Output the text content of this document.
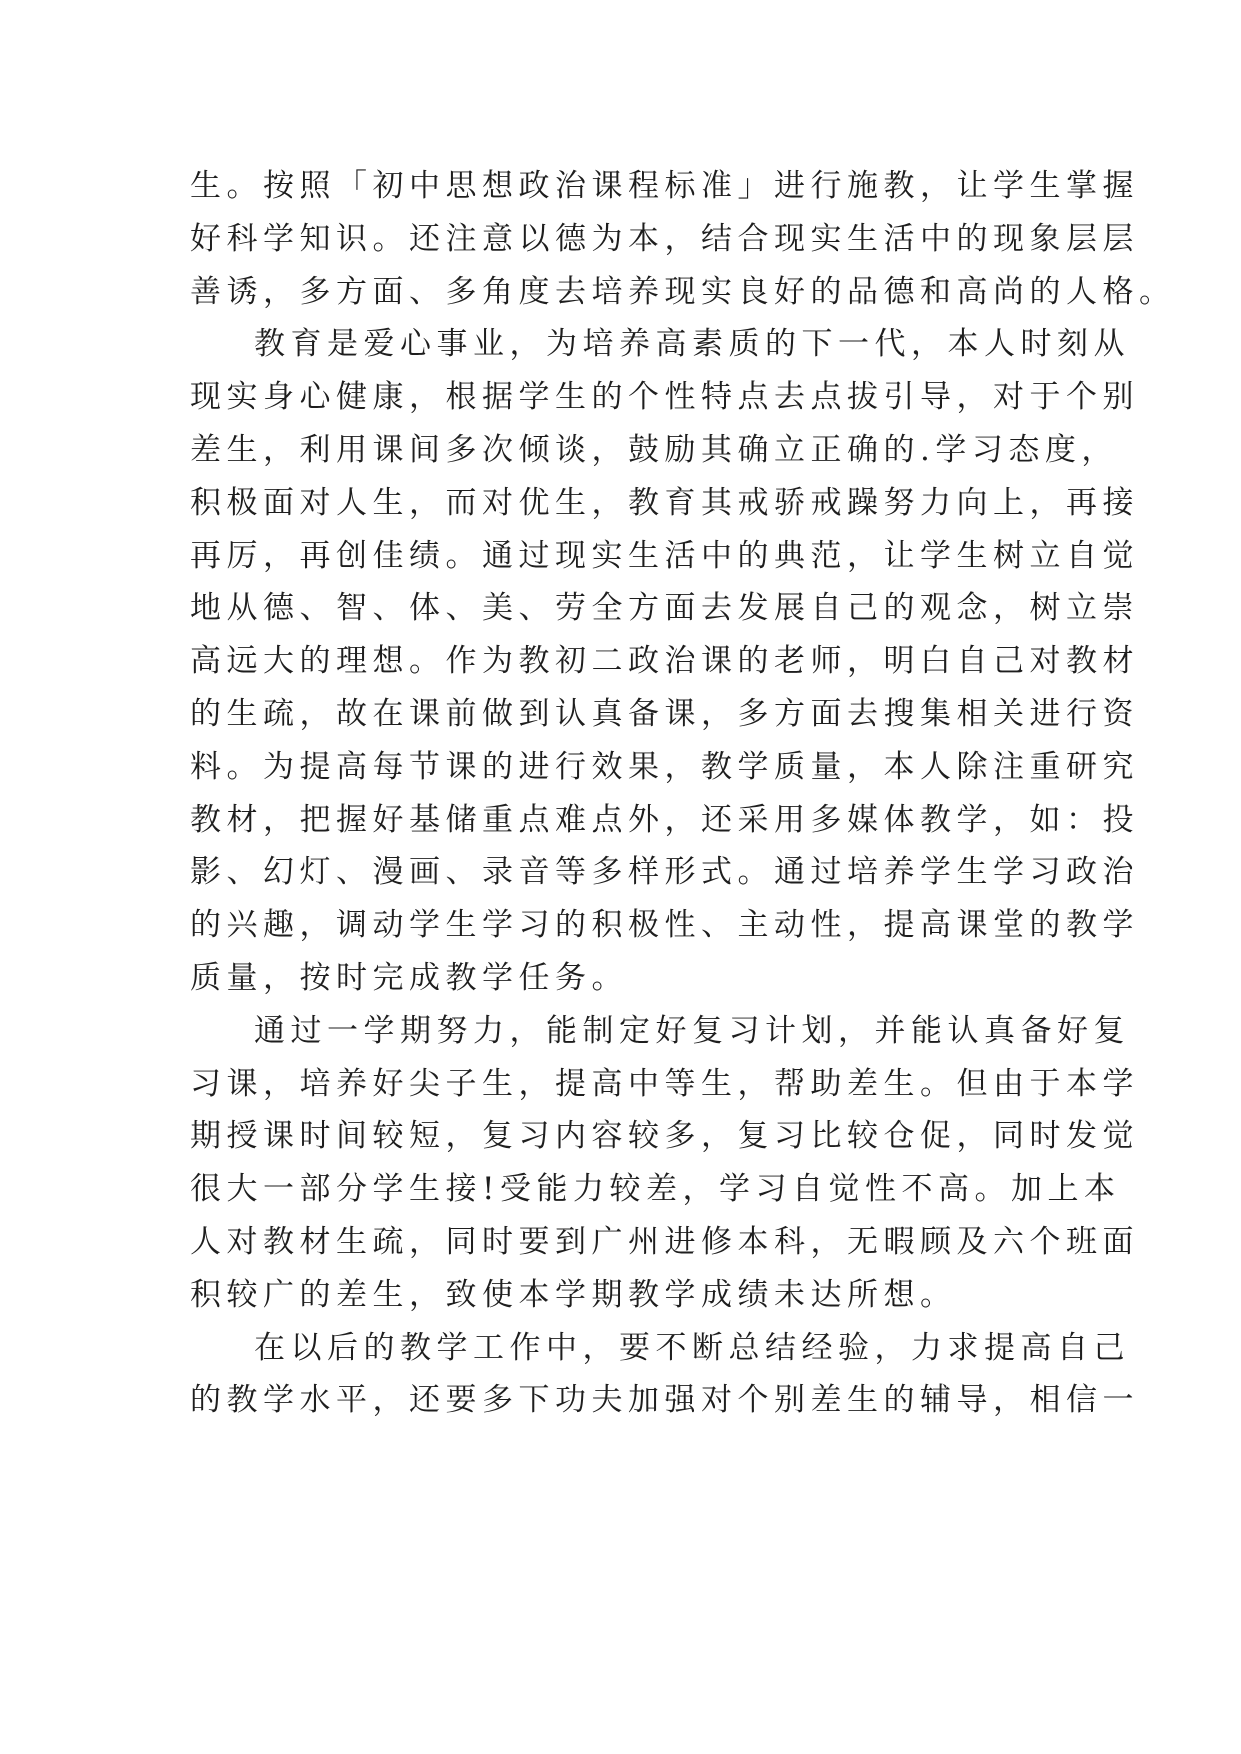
生。按照「初中思想政治课程标准」进行施教，让学生掌握
好科学知识。还注意以德为本，结合现实生活中的现象层层
善诱，多方面、多角度去培养现实良好的品德和高尚的人格。
教育是爱心事业，为培养高素质的下一代，本人时刻从
现实身心健康，根据学生的个性特点去点拔引导，对于个别
差生，利用课间多次倾谈，鼓励其确立正确的.学习态度，
积极面对人生，而对优生，教育其戒骄戒躁努力向上，再接
再厉，再创佳绩。通过现实生活中的典范，让学生树立自觉
地从德、智、体、美、劳全方面去发展自己的观念，树立崇
高远大的理想。作为教初二政治课的老师，明白自己对教材
的生疏，故在课前做到认真备课，多方面去搜集相关进行资
料。为提高每节课的进行效果，教学质量，本人除注重研究
教材，把握好基储重点难点外，还采用多媒体教学，如：投
影、幻灯、漫画、录音等多样形式。通过培养学生学习政治
的兴趣，调动学生学习的积极性、主动性，提高课堂的教学
质量，按时完成教学任务。
通过一学期努力，能制定好复习计划，并能认真备好复
习课，培养好尖子生，提高中等生，帮助差生。但由于本学
期授课时间较短，复习内容较多，复习比较仓促，同时发觉
很大一部分学生接!受能力较差，学习自觉性不高。加上本
人对教材生疏，同时要到广州进修本科，无暇顾及六个班面
积较广的差生，致使本学期教学成绩未达所想。
在以后的教学工作中，要不断总结经验，力求提高自己
的教学水平，还要多下功夫加强对个别差生的辅导，相信一
